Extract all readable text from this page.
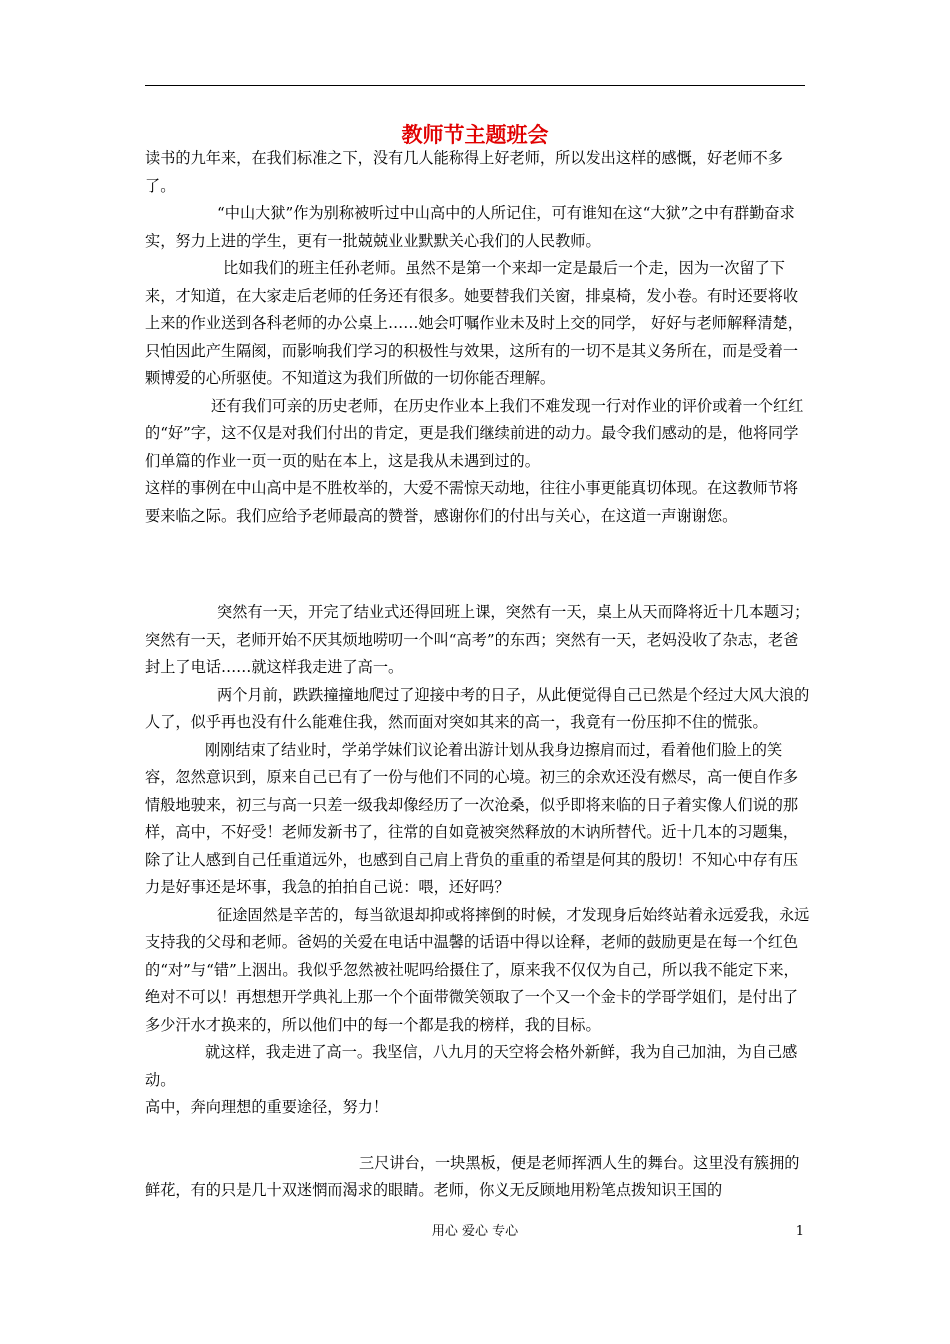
教师节主题班会

读书的九年来，在我们标准之下，没有几人能称得上好老师，所以发出这样的感慨，好老师不多了。

“中山大狱”作为别称被听过中山高中的人所记住，可有谁知在这“大狱”之中有群勤奋求实，努力上进的学生，更有一批兢兢业业默默关心我们的人民教师。

比如我们的班主任孙老师。虽然不是第一个来却一定是最后一个走，因为一次留了下来，才知道，在大家走后老师的任务还有很多。她要替我们关窗，排桌椅，发小卷。有时还要将收上来的作业送到各科老师的办公桌上……她会叮嘱作业未及时上交的同学， 好好与老师解释清楚，只怕因此产生隔阂，而影响我们学习的积极性与效果，这所有的一切不是其义务所在，而是受着一颗博爱的心所驱使。不知道这为我们所做的一切你能否理解。

还有我们可亲的历史老师，在历史作业本上我们不难发现一行对作业的评价或着一个红红的“好”字，这不仅是对我们付出的肯定，更是我们继续前进的动力。最令我们感动的是，他将同学们单篇的作业一页一页的贴在本上，这是我从未遇到过的。

这样的事例在中山高中是不胜枚举的，大爱不需惊天动地，往往小事更能真切体现。在这教师节将要来临之际。我们应给予老师最高的赞誉，感谢你们的付出与关心，在这道一声谢谢您。

突然有一天，开完了结业式还得回班上课，突然有一天，桌上从天而降将近十几本题习；突然有一天，老师开始不厌其烦地唠叨一个叫“高考”的东西；突然有一天，老妈没收了杂志，老爸封上了电话……就这样我走进了高一。

两个月前，跌跌撞撞地爬过了迎接中考的日子，从此便觉得自己已然是个经过大风大浪的人了，似乎再也没有什么能难住我，然而面对突如其来的高一，我竟有一份压抑不住的慌张。

刚刚结束了结业时，学弟学妹们议论着出游计划从我身边擦肩而过，看着他们脸上的笑容，忽然意识到，原来自己已有了一份与他们不同的心境。初三的余欢还没有燃尽，高一便自作多情般地驶来，初三与高一只差一级我却像经历了一次沧桑，似乎即将来临的日子着实像人们说的那样，高中，不好受！老师发新书了，往常的自如竟被突然释放的木讷所替代。近十几本的习题集，除了让人感到自己任重道远外，也感到自己肩上背负的重重的希望是何其的殷切！不知心中存有压力是好事还是坏事，我急的拍拍自己说：喂，还好吗？

征途固然是辛苦的，每当欲退却抑或将摔倒的时候，才发现身后始终站着永远爱我，永远支持我的父母和老师。爸妈的关爱在电话中温馨的话语中得以诠释，老师的鼓励更是在每一个红色的“对”与“错”上洇出。我似乎忽然被社呢吗给摄住了，原来我不仅仅为自己，所以我不能定下来，绝对不可以！再想想开学典礼上那一个个面带微笑领取了一个又一个金卡的学哥学姐们，是付出了多少汗水才换来的，所以他们中的每一个都是我的榜样，我的目标。

就这样，我走进了高一。我坚信，八九月的天空将会格外新鲜，我为自己加油，为自己感动。

高中，奔向理想的重要途径，努力！

三尺讲台，一块黑板，便是老师挥洒人生的舞台。这里没有簇拥的鲜花，有的只是几十双迷惘而渴求的眼睛。老师，你义无反顾地用粉笔点拨知识王国的

用心 爱心 专心	1
